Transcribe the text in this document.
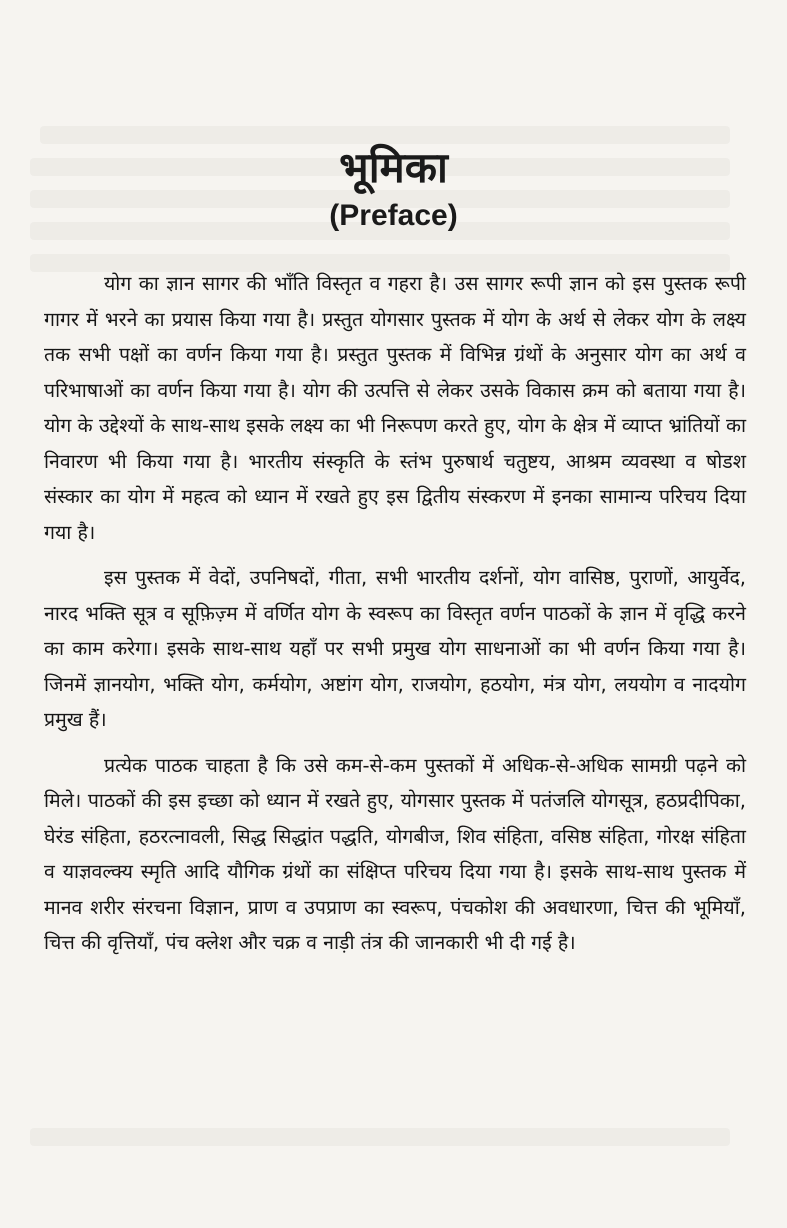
भूमिका
(Preface)

योग का ज्ञान सागर की भाँति विस्तृत व गहरा है। उस सागर रूपी ज्ञान को इस पुस्तक रूपी गागर में भरने का प्रयास किया गया है। प्रस्तुत योगसार पुस्तक में योग के अर्थ से लेकर योग के लक्ष्य तक सभी पक्षों का वर्णन किया गया है। प्रस्तुत पुस्तक में विभिन्न ग्रंथों के अनुसार योग का अर्थ व परिभाषाओं का वर्णन किया गया है। योग की उत्पत्ति से लेकर उसके विकास क्रम को बताया गया है। योग के उद्देश्यों के साथ-साथ इसके लक्ष्य का भी निरूपण करते हुए, योग के क्षेत्र में व्याप्त भ्रांतियों का निवारण भी किया गया है। भारतीय संस्कृति के स्तंभ पुरुषार्थ चतुष्टय, आश्रम व्यवस्था व षोडश संस्कार का योग में महत्व को ध्यान में रखते हुए इस द्वितीय संस्करण में इनका सामान्य परिचय दिया गया है।

इस पुस्तक में वेदों, उपनिषदों, गीता, सभी भारतीय दर्शनों, योग वासिष्ठ, पुराणों, आयुर्वेद, नारद भक्ति सूत्र व सूफ़िज़्म में वर्णित योग के स्वरूप का विस्तृत वर्णन पाठकों के ज्ञान में वृद्धि करने का काम करेगा। इसके साथ-साथ यहाँ पर सभी प्रमुख योग साधनाओं का भी वर्णन किया गया है। जिनमें ज्ञानयोग, भक्ति योग, कर्मयोग, अष्टांग योग, राजयोग, हठयोग, मंत्र योग, लययोग व नादयोग प्रमुख हैं।

प्रत्येक पाठक चाहता है कि उसे कम-से-कम पुस्तकों में अधिक-से-अधिक सामग्री पढ़ने को मिले। पाठकों की इस इच्छा को ध्यान में रखते हुए, योगसार पुस्तक में पतंजलि योगसूत्र, हठप्रदीपिका, घेरंड संहिता, हठरत्नावली, सिद्ध सिद्धांत पद्धति, योगबीज, शिव संहिता, वसिष्ठ संहिता, गोरक्ष संहिता व याज्ञवल्क्य स्मृति आदि यौगिक ग्रंथों का संक्षिप्त परिचय दिया गया है। इसके साथ-साथ पुस्तक में मानव शरीर संरचना विज्ञान, प्राण व उपप्राण का स्वरूप, पंचकोश की अवधारणा, चित्त की भूमियाँ, चित्त की वृत्तियाँ, पंच क्लेश और चक्र व नाड़ी तंत्र की जानकारी भी दी गई है।
